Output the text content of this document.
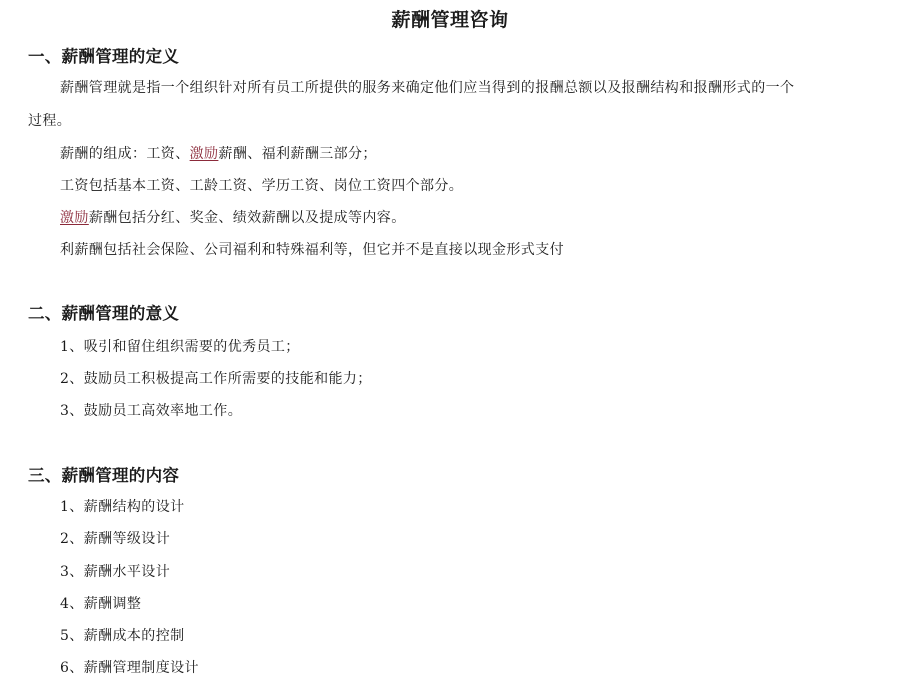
薪酬管理咨询
一、薪酬管理的定义
薪酬管理就是指一个组织针对所有员工所提供的服务来确定他们应当得到的报酬总额以及报酬结构和报酬形式的一个
过程。
薪酬的组成：工资、激励薪酬、福利薪酬三部分；
工资包括基本工资、工龄工资、学历工资、岗位工资四个部分。
激励薪酬包括分红、奖金、绩效薪酬以及提成等内容。
利薪酬包括社会保险、公司福利和特殊福利等，但它并不是直接以现金形式支付
二、薪酬管理的意义
1、吸引和留住组织需要的优秀员工；
2、鼓励员工积极提高工作所需要的技能和能力；
3、鼓励员工高效率地工作。
三、薪酬管理的内容
1、薪酬结构的设计
2、薪酬等级设计
3、薪酬水平设计
4、薪酬调整
5、薪酬成本的控制
6、薪酬管理制度设计
